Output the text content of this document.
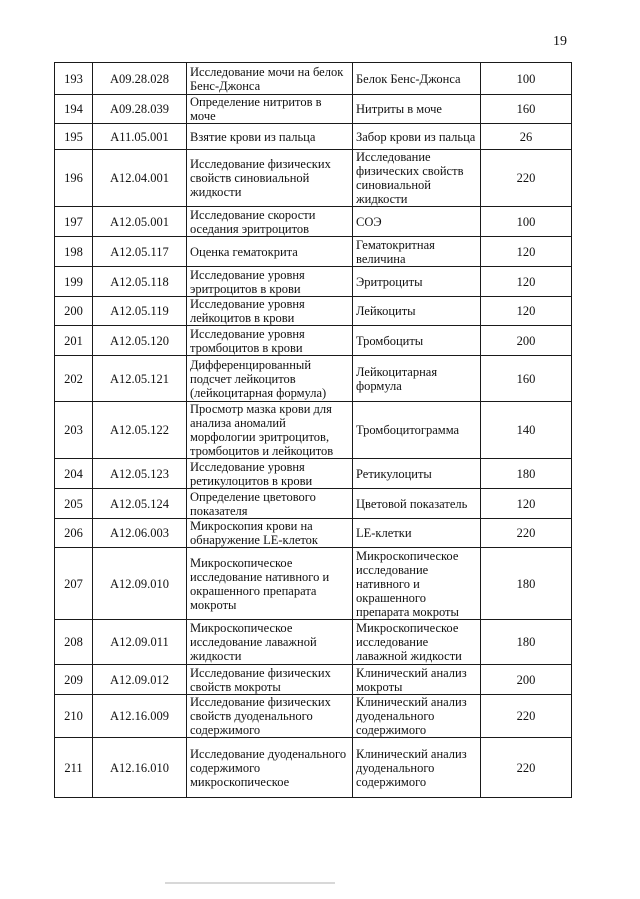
19
193	A09.28.028	Исследование мочи на белок Бенс-Джонса	Белок Бенс-Джонса	100
194	A09.28.039	Определение нитритов в моче	Нитриты в моче	160
195	A11.05.001	Взятие крови из пальца	Забор крови из пальца	26
196	A12.04.001	Исследование физических свойств синовиальной жидкости	Исследование физических свойств синовиальной жидкости	220
197	A12.05.001	Исследование скорости оседания эритроцитов	СОЭ	100
198	A12.05.117	Оценка гематокрита	Гематокритная величина	120
199	A12.05.118	Исследование уровня эритроцитов в крови	Эритроциты	120
200	A12.05.119	Исследование уровня лейкоцитов в крови	Лейкоциты	120
201	A12.05.120	Исследование уровня тромбоцитов в крови	Тромбоциты	200
202	A12.05.121	Дифференцированный подсчет лейкоцитов (лейкоцитарная формула)	Лейкоцитарная формула	160
203	A12.05.122	Просмотр мазка крови для анализа аномалий морфологии эритроцитов, тромбоцитов и лейкоцитов	Тромбоцитограмма	140
204	A12.05.123	Исследование уровня ретикулоцитов в крови	Ретикулоциты	180
205	A12.05.124	Определение цветового показателя	Цветовой показатель	120
206	A12.06.003	Микроскопия крови на обнаружение LE-клеток	LE-клетки	220
207	A12.09.010	Микроскопическое исследование нативного и окрашенного препарата мокроты	Микроскопическое исследование нативного и окрашенного препарата мокроты	180
208	A12.09.011	Микроскопическое исследование лаважной жидкости	Микроскопическое исследование лаважной жидкости	180
209	A12.09.012	Исследование физических свойств мокроты	Клинический анализ мокроты	200
210	A12.16.009	Исследование физических свойств дуоденального содержимого	Клинический анализ дуоденального содержимого	220
211	A12.16.010	Исследование дуоденального содержимого микроскопическое	Клинический анализ дуоденального содержимого	220
